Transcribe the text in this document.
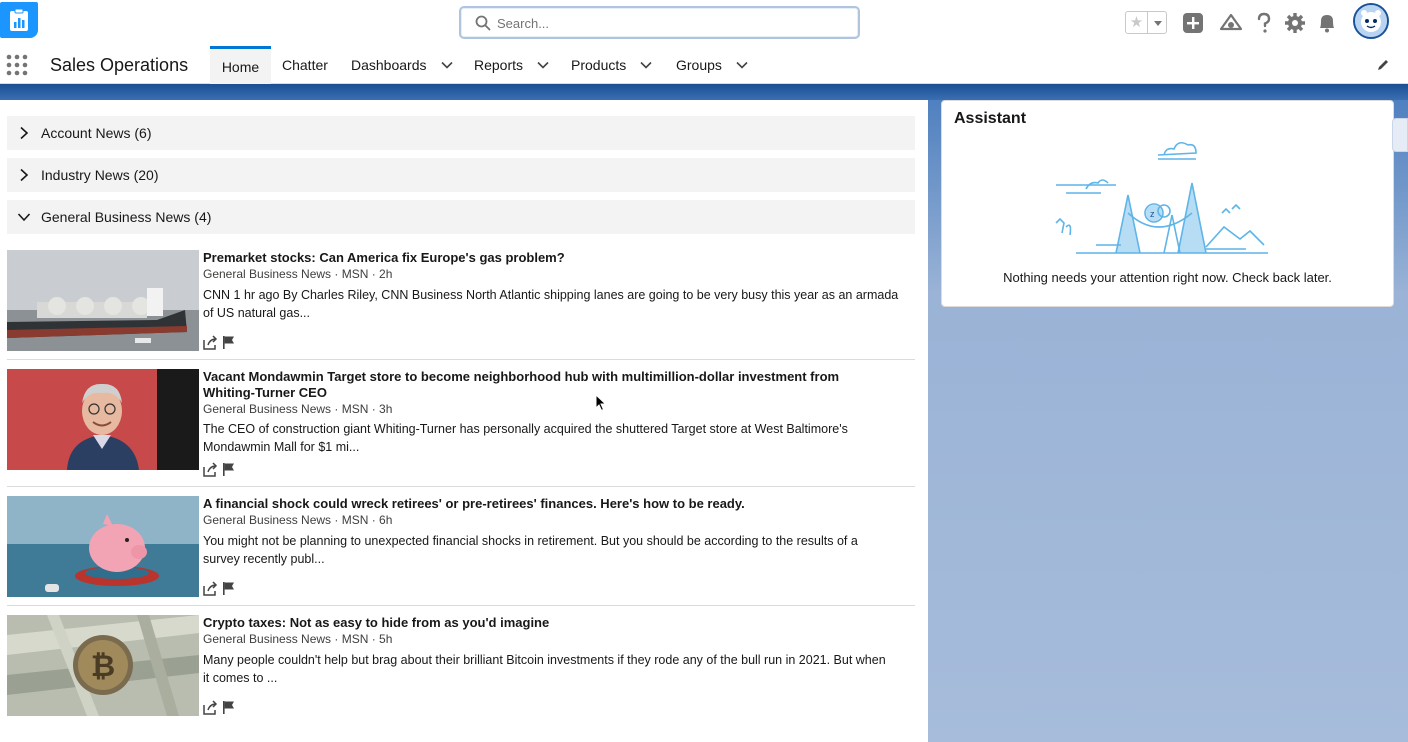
Search...
★
Sales Operations Home Chatter Dashboards	Reports	Products	Groups
Account News (6)
Industry News (20)
General Business News (4)
Premarket stocks: Can America fix Europe's gas problem?
General Business News · MSN · 2h
CNN 1 hr ago By Charles Riley, CNN Business North Atlantic shipping lanes are going to be very busy this year as an armada
of US natural gas...
Vacant Mondawmin Target store to become neighborhood hub with multimillion-dollar investment from
Whiting-Turner CEO
General Business News · MSN · 3h
The CEO of construction giant Whiting-Turner has personally acquired the shuttered Target store at West Baltimore's
Mondawmin Mall for $1 mi...
A financial shock could wreck retirees' or pre-retirees' finances. Here's how to be ready.
General Business News · MSN · 6h
You might not be planning to unexpected financial shocks in retirement. But you should be according to the results of a
survey recently publ...
₿
Crypto taxes: Not as easy to hide from as you'd imagine
General Business News · MSN · 5h
Many people couldn't help but brag about their brilliant Bitcoin investments if they rode any of the bull run in 2021. But when
it comes to ...
Assistant
z
Nothing needs your attention right now. Check back later.
